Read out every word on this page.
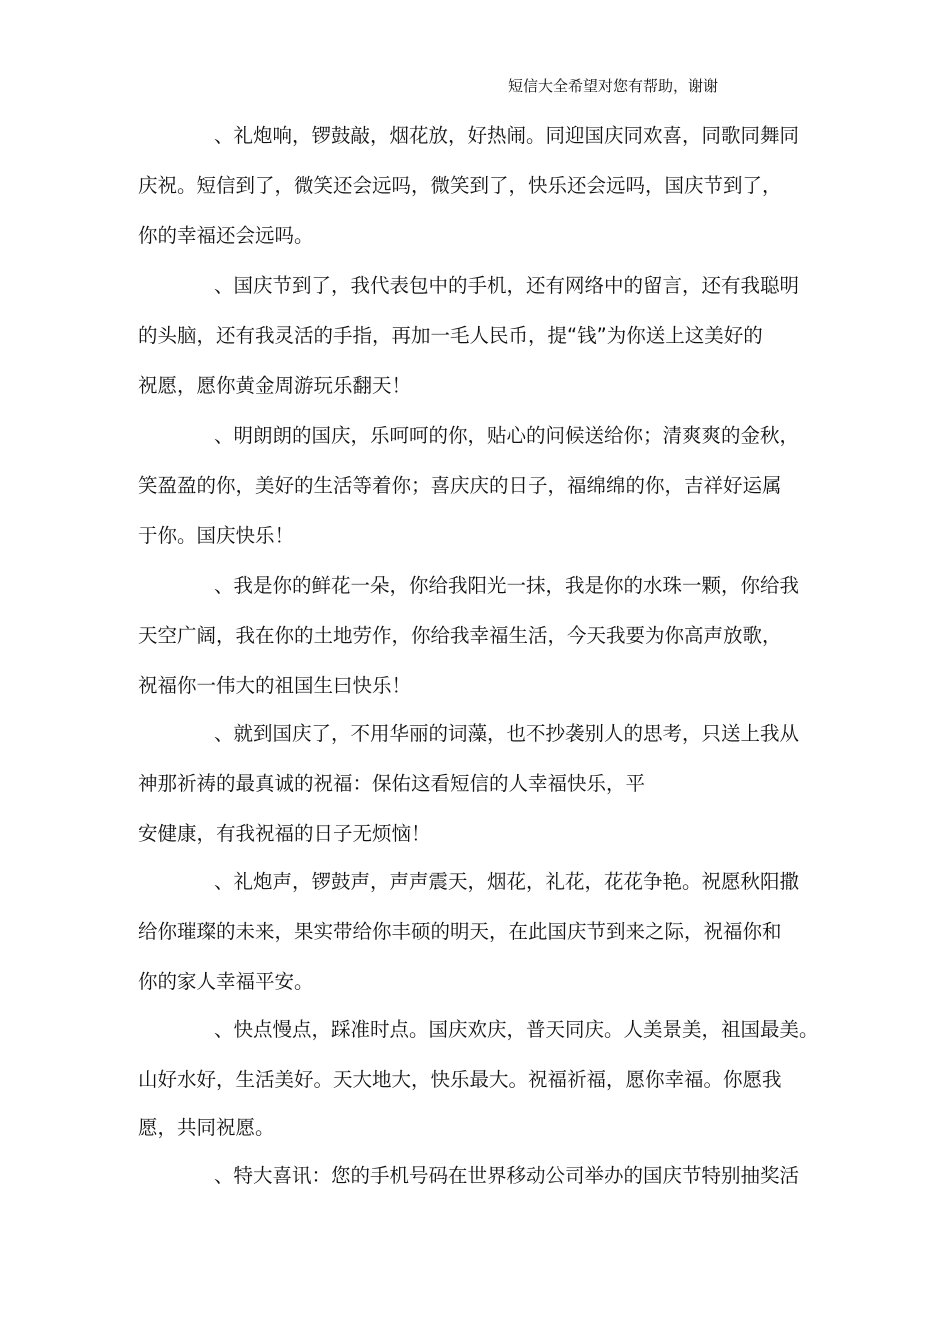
短信大全希望对您有帮助，谢谢
、礼炮响，锣鼓敲，烟花放，好热闹。同迎国庆同欢喜，同歌同舞同
庆祝。短信到了，微笑还会远吗，微笑到了，快乐还会远吗，国庆节到了，
你的幸福还会远吗。
、国庆节到了，我代表包中的手机，还有网络中的留言，还有我聪明
的头脑，还有我灵活的手指，再加一毛人民币，提“钱”为你送上这美好的
祝愿，愿你黄金周游玩乐翻天！
、明朗朗的国庆，乐呵呵的你，贴心的问候送给你；清爽爽的金秋，
笑盈盈的你，美好的生活等着你；喜庆庆的日子，福绵绵的你，吉祥好运属
于你。国庆快乐！
、我是你的鲜花一朵，你给我阳光一抹，我是你的水珠一颗，你给我
天空广阔，我在你的土地劳作，你给我幸福生活，今天我要为你高声放歌，
祝福你一伟大的祖国生曰快乐！
、就到国庆了，不用华丽的词藻，也不抄袭别人的思考，只送上我从
神那祈祷的最真诚的祝福：保佑这看短信的人幸福快乐，平
安健康，有我祝福的日子无烦恼！
、礼炮声，锣鼓声，声声震天，烟花，礼花，花花争艳。祝愿秋阳撒
给你璀璨的未来，果实带给你丰硕的明天，在此国庆节到来之际，祝福你和
你的家人幸福平安。
、快点慢点，踩准时点。国庆欢庆，普天同庆。人美景美，祖国最美。
山好水好，生活美好。天大地大，快乐最大。祝福祈福，愿你幸福。你愿我
愿，共同祝愿。
、特大喜讯：您的手机号码在世界移动公司举办的国庆节特别抽奖活
